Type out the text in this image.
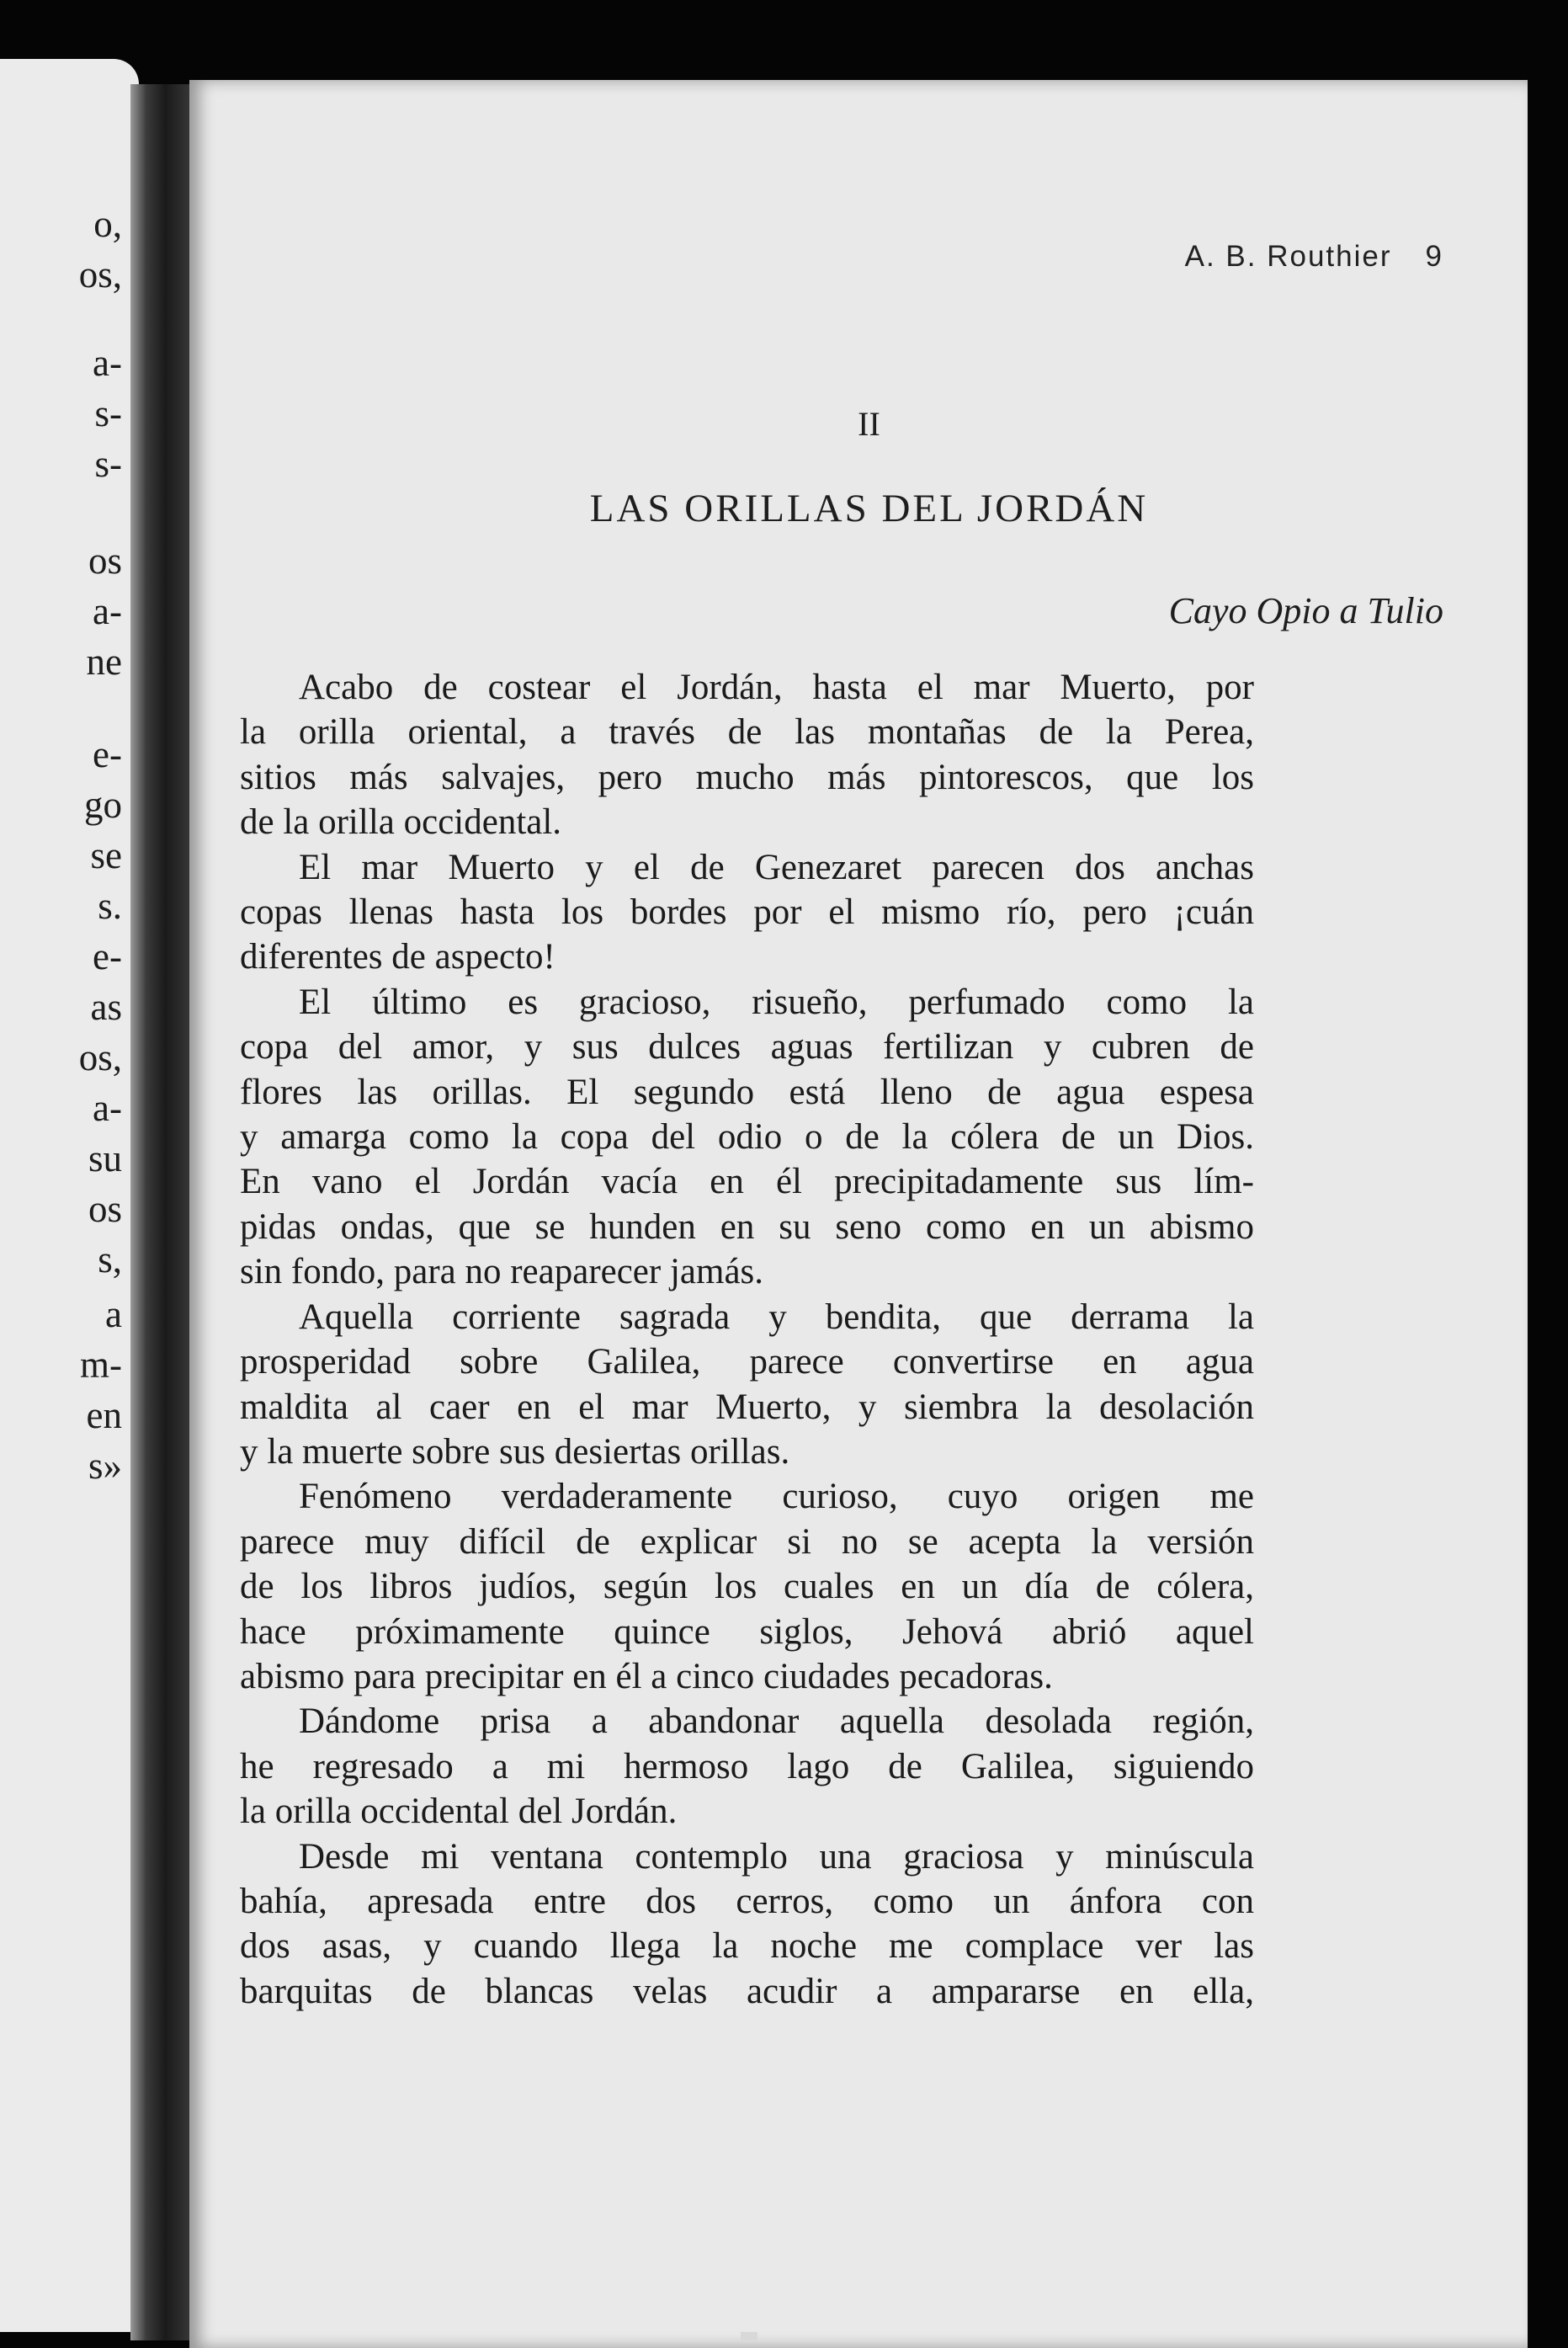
o,
os,
a-
s-
s-
os
a-
ne
e-
go
se
s.
e-
as
os,
a-
su
os
s,
a
m-
en
s»
A. B. Routhier 9
II
LAS ORILLAS DEL JORDÁN
Cayo Opio a Tulio
Acabo de costear el Jordán, hasta el mar Muerto, por
la orilla oriental, a través de las montañas de la Perea,
sitios más salvajes, pero mucho más pintorescos, que los
de la orilla occidental.
El mar Muerto y el de Genezaret parecen dos anchas
copas llenas hasta los bordes por el mismo río, pero ¡cuán
diferentes de aspecto!
El último es gracioso, risueño, perfumado como la
copa del amor, y sus dulces aguas fertilizan y cubren de
flores las orillas. El segundo está lleno de agua espesa
y amarga como la copa del odio o de la cólera de un Dios.
En vano el Jordán vacía en él precipitadamente sus lím-
pidas ondas, que se hunden en su seno como en un abismo
sin fondo, para no reaparecer jamás.
Aquella corriente sagrada y bendita, que derrama la
prosperidad sobre Galilea, parece convertirse en agua
maldita al caer en el mar Muerto, y siembra la desolación
y la muerte sobre sus desiertas orillas.
Fenómeno verdaderamente curioso, cuyo origen me
parece muy difícil de explicar si no se acepta la versión
de los libros judíos, según los cuales en un día de cólera,
hace próximamente quince siglos, Jehová abrió aquel
abismo para precipitar en él a cinco ciudades pecadoras.
Dándome prisa a abandonar aquella desolada región,
he regresado a mi hermoso lago de Galilea, siguiendo
la orilla occidental del Jordán.
Desde mi ventana contemplo una graciosa y minúscula
bahía, apresada entre dos cerros, como un ánfora con
dos asas, y cuando llega la noche me complace ver las
barquitas de blancas velas acudir a ampararse en ella,
